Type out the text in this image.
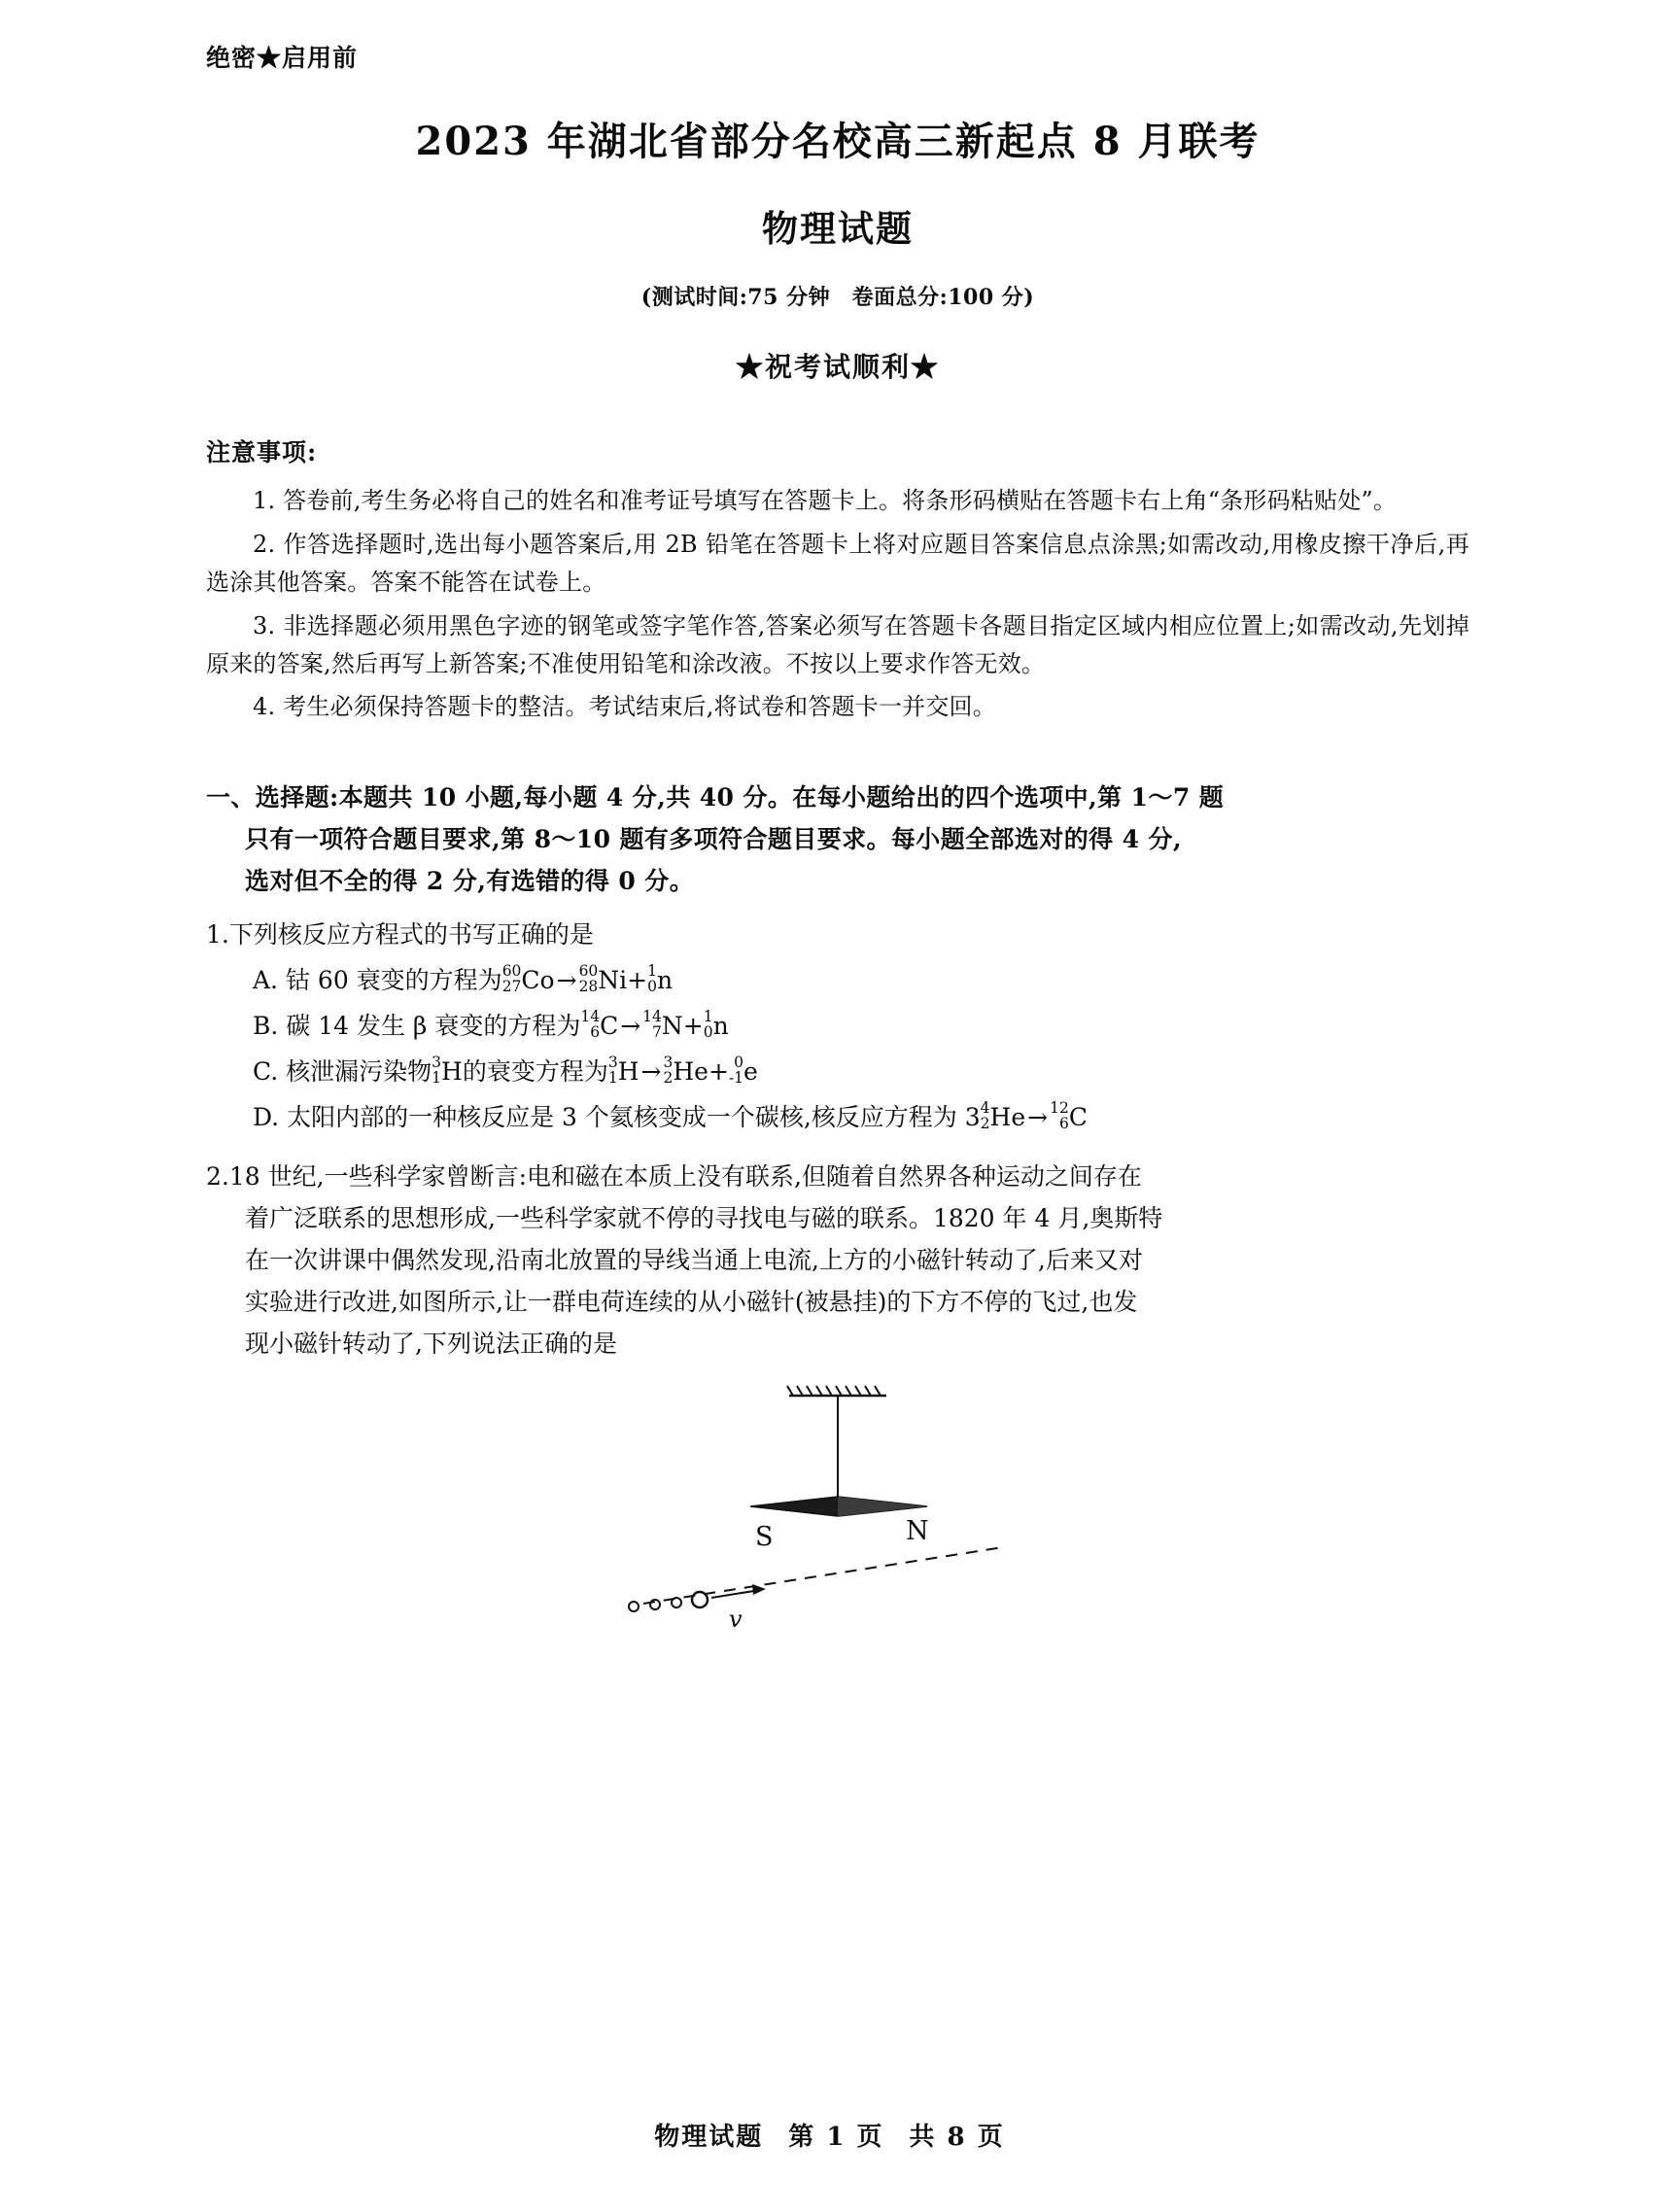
绝密★启用前
2023 年湖北省部分名校高三新起点 8 月联考
物理试题
(测试时间:75 分钟　卷面总分:100 分)
★祝考试顺利★
注意事项:
1. 答卷前,考生务必将自己的姓名和准考证号填写在答题卡上。将条形码横贴在答题卡右上角“条形码粘贴处”。
2. 作答选择题时,选出每小题答案后,用 2B 铅笔在答题卡上将对应题目答案信息点涂黑;如需改动,用橡皮擦干净后,再选涂其他答案。答案不能答在试卷上。
3. 非选择题必须用黑色字迹的钢笔或签字笔作答,答案必须写在答题卡各题目指定区域内相应位置上;如需改动,先划掉原来的答案,然后再写上新答案;不准使用铅笔和涂改液。不按以上要求作答无效。
4. 考生必须保持答题卡的整洁。考试结束后,将试卷和答题卡一并交回。
一、选择题:本题共 10 小题,每小题 4 分,共 40 分。在每小题给出的四个选项中,第 1～7 题
只有一项符合题目要求,第 8～10 题有多项符合题目要求。每小题全部选对的得 4 分,
选对但不全的得 2 分,有选错的得 0 分。
1.下列核反应方程式的书写正确的是
A. 钴 60 衰变的方程为 60
27 Co→ 60
28 Ni+ 1
0 n
B. 碳 14 发生 β 衰变的方程为 14
6 C→ 14
7 N+ 1
0 n
C. 核泄漏污染物 3
1 H的衰变方程为 3
1 H→ 3
2 He+ 0
-1 e
D. 太阳内部的一种核反应是 3 个氦核变成一个碳核,核反应方程为 3 4
2 He→ 12
6 C
2.18 世纪,一些科学家曾断言:电和磁在本质上没有联系,但随着自然界各种运动之间存在
着广泛联系的思想形成,一些科学家就不停的寻找电与磁的联系。1820 年 4 月,奥斯特
在一次讲课中偶然发现,沿南北放置的导线当通上电流,上方的小磁针转动了,后来又对
实验进行改进,如图所示,让一群电荷连续的从小磁针(被悬挂)的下方不停的飞过,也发
现小磁针转动了,下列说法正确的是
S	N
v
物理试题 第 1 页 共 8 页
